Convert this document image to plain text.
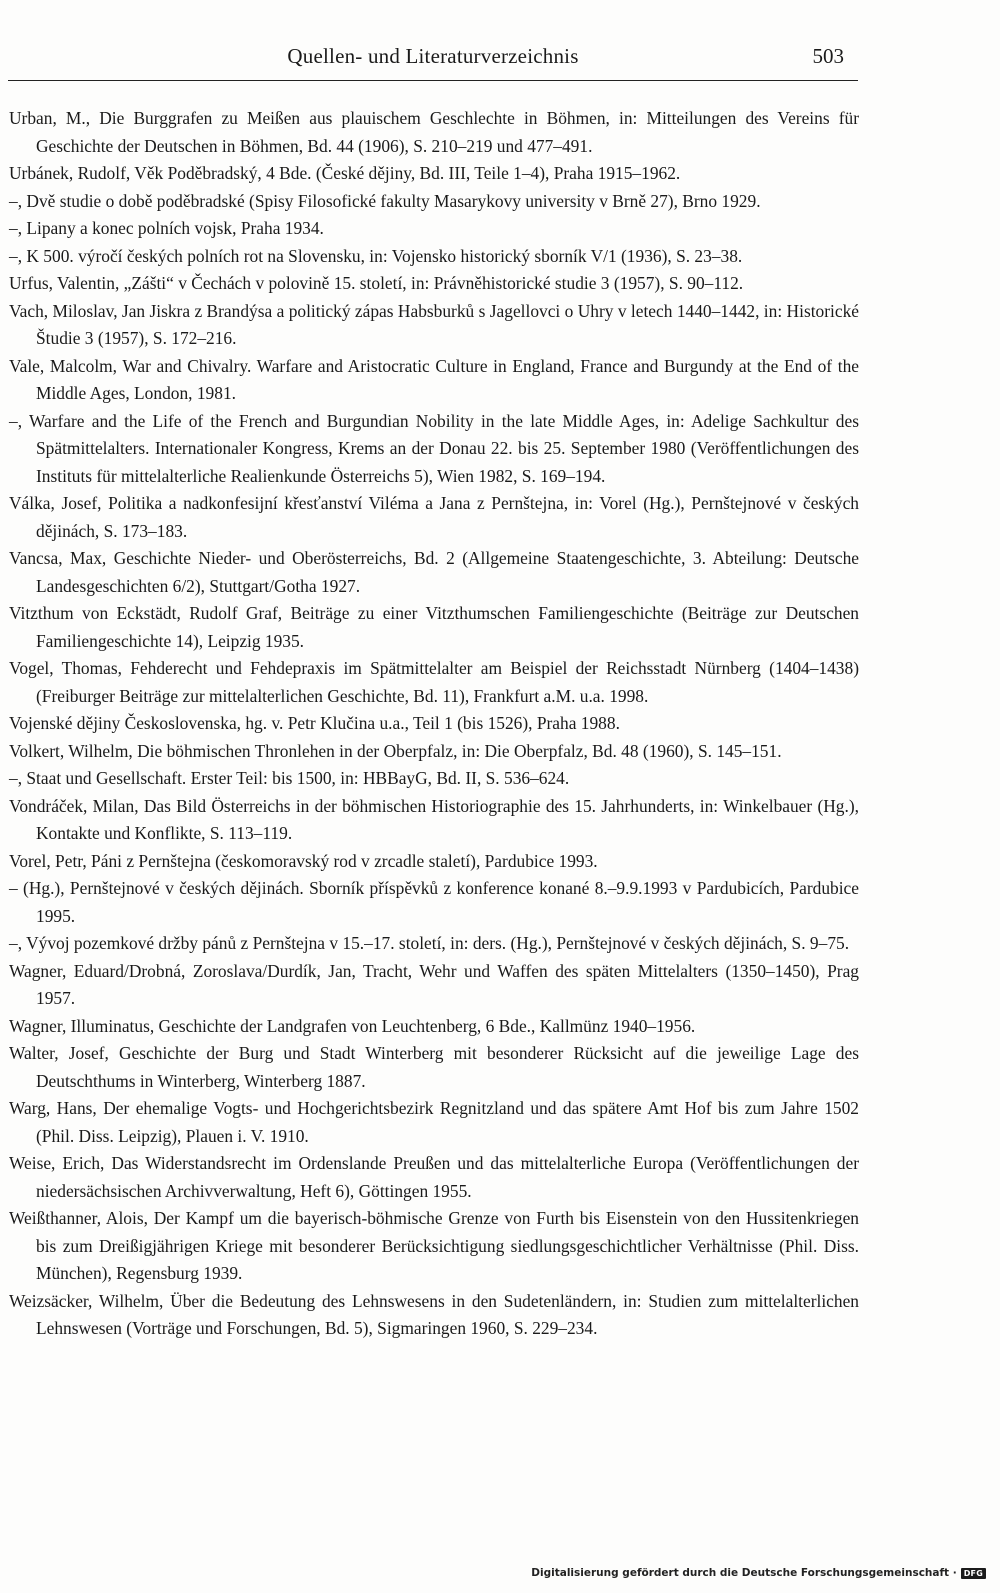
Quellen- und Literaturverzeichnis	503
Urban, M., Die Burggrafen zu Meißen aus plauischem Geschlechte in Böhmen, in: Mitteilungen des Vereins für Geschichte der Deutschen in Böhmen, Bd. 44 (1906), S. 210–219 und 477–491.
Urbánek, Rudolf, Věk Poděbradský, 4 Bde. (České dějiny, Bd. III, Teile 1–4), Praha 1915–1962.
–, Dvě studie o době poděbradské (Spisy Filosofické fakulty Masarykovy university v Brně 27), Brno 1929.
–, Lipany a konec polních vojsk, Praha 1934.
–, K 500. výročí českých polních rot na Slovensku, in: Vojensko historický sborník V/1 (1936), S. 23–38.
Urfus, Valentin, „Zášti“ v Čechách v polovině 15. století, in: Právněhistorické studie 3 (1957), S. 90–112.
Vach, Miloslav, Jan Jiskra z Brandýsa a politický zápas Habsburků s Jagellovci o Uhry v letech 1440–1442, in: Historické Študie 3 (1957), S. 172–216.
Vale, Malcolm, War and Chivalry. Warfare and Aristocratic Culture in England, France and Burgundy at the End of the Middle Ages, London, 1981.
–, Warfare and the Life of the French and Burgundian Nobility in the late Middle Ages, in: Adelige Sachkultur des Spätmittelalters. Internationaler Kongress, Krems an der Donau 22. bis 25. September 1980 (Veröffentlichungen des Instituts für mittelalterliche Realienkunde Österreichs 5), Wien 1982, S. 169–194.
Válka, Josef, Politika a nadkonfesijní křesťanství Viléma a Jana z Pernštejna, in: Vorel (Hg.), Pernštejnové v českých dějinách, S. 173–183.
Vancsa, Max, Geschichte Nieder- und Oberösterreichs, Bd. 2 (Allgemeine Staatengeschichte, 3. Abteilung: Deutsche Landesgeschichten 6/2), Stuttgart/Gotha 1927.
Vitzthum von Eckstädt, Rudolf Graf, Beiträge zu einer Vitzthumschen Familiengeschichte (Beiträge zur Deutschen Familiengeschichte 14), Leipzig 1935.
Vogel, Thomas, Fehderecht und Fehdepraxis im Spätmittelalter am Beispiel der Reichsstadt Nürnberg (1404–1438) (Freiburger Beiträge zur mittelalterlichen Geschichte, Bd. 11), Frankfurt a.M. u.a. 1998.
Vojenské dějiny Československa, hg. v. Petr Klučina u.a., Teil 1 (bis 1526), Praha 1988.
Volkert, Wilhelm, Die böhmischen Thronlehen in der Oberpfalz, in: Die Oberpfalz, Bd. 48 (1960), S. 145–151.
–, Staat und Gesellschaft. Erster Teil: bis 1500, in: HBBayG, Bd. II, S. 536–624.
Vondráček, Milan, Das Bild Österreichs in der böhmischen Historiographie des 15. Jahrhunderts, in: Winkelbauer (Hg.), Kontakte und Konflikte, S. 113–119.
Vorel, Petr, Páni z Pernštejna (českomoravský rod v zrcadle staletí), Pardubice 1993.
– (Hg.), Pernštejnové v českých dějinách. Sborník příspěvků z konference konané 8.–9.9.1993 v Pardubicích, Pardubice 1995.
–, Vývoj pozemkové držby pánů z Pernštejna v 15.–17. století, in: ders. (Hg.), Pernštejnové v českých dějinách, S. 9–75.
Wagner, Eduard/Drobná, Zoroslava/Durdík, Jan, Tracht, Wehr und Waffen des späten Mittelalters (1350–1450), Prag 1957.
Wagner, Illuminatus, Geschichte der Landgrafen von Leuchtenberg, 6 Bde., Kallmünz 1940–1956.
Walter, Josef, Geschichte der Burg und Stadt Winterberg mit besonderer Rücksicht auf die jeweilige Lage des Deutschthums in Winterberg, Winterberg 1887.
Warg, Hans, Der ehemalige Vogts- und Hochgerichtsbezirk Regnitzland und das spätere Amt Hof bis zum Jahre 1502 (Phil. Diss. Leipzig), Plauen i. V. 1910.
Weise, Erich, Das Widerstandsrecht im Ordenslande Preußen und das mittelalterliche Europa (Veröffentlichungen der niedersächsischen Archivverwaltung, Heft 6), Göttingen 1955.
Weißthanner, Alois, Der Kampf um die bayerisch-böhmische Grenze von Furth bis Eisenstein von den Hussitenkriegen bis zum Dreißigjährigen Kriege mit besonderer Berücksichtigung siedlungsgeschichtlicher Verhältnisse (Phil. Diss. München), Regensburg 1939.
Weizsäcker, Wilhelm, Über die Bedeutung des Lehnswesens in den Sudetenländern, in: Studien zum mittelalterlichen Lehnswesen (Vorträge und Forschungen, Bd. 5), Sigmaringen 1960, S. 229–234.
Digitalisierung gefördert durch die Deutsche Forschungsgemeinschaft · DFG
